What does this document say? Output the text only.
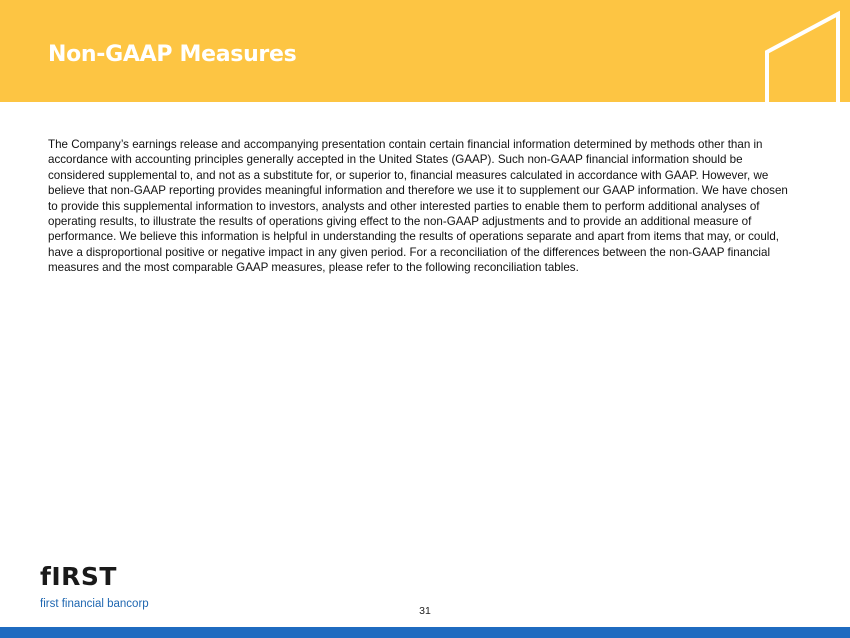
Non-GAAP Measures

The Company’s earnings release and accompanying presentation contain certain financial information determined by methods other than in accordance with accounting principles generally accepted in the United States (GAAP). Such non-GAAP financial information should be considered supplemental to, and not as a substitute for, or superior to, financial measures calculated in accordance with GAAP. However, we believe that non-GAAP reporting provides meaningful information and therefore we use it to supplement our GAAP information. We have chosen to provide this supplemental information to investors, analysts and other interested parties to enable them to perform additional analyses of operating results, to illustrate the results of operations giving effect to the non-GAAP adjustments and to provide an additional measure of performance. We believe this information is helpful in understanding the results of operations separate and apart from items that may, or could, have a disproportional positive or negative impact in any given period. For a reconciliation of the differences between the non-GAAP financial measures and the most comparable GAAP measures, please refer to the following reconciliation tables.

fIRST
first financial bancorp
31
